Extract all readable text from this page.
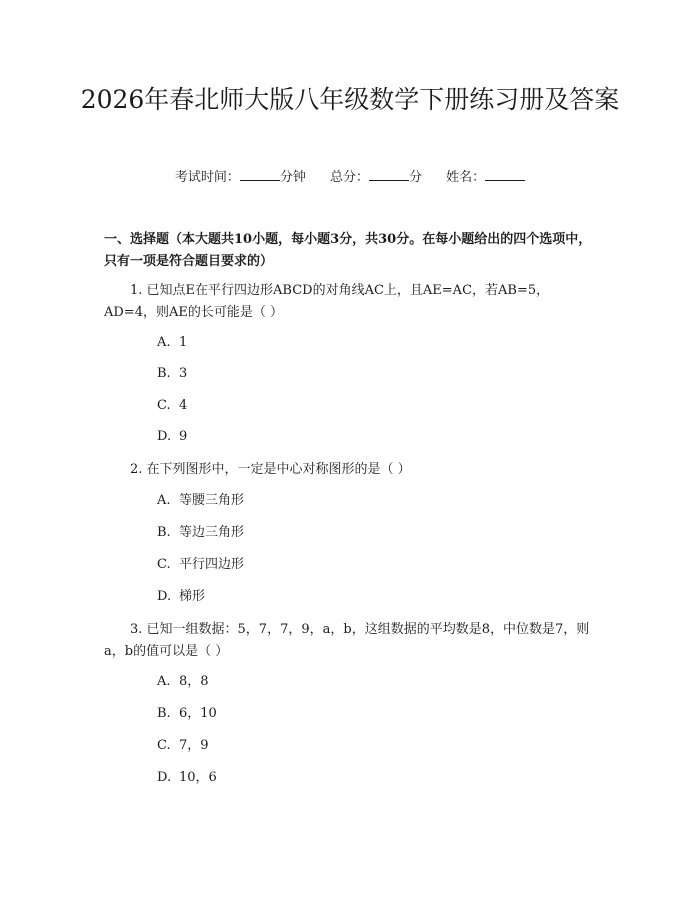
2026年春北师大版八年级数学下册练习册及答案
考试时间：	分钟 总分：	分 姓名：

一、选择题（本大题共10小题，每小题3分，共30分。在每小题给出的四个选项中，只有一项是符合题目要求的）

1. 已知点E在平行四边形ABCD的对角线AC上，且AE=AC，若AB=5，AD=4，则AE的长可能是（ ）

A. 1
B. 3
C. 4
D. 9

2. 在下列图形中，一定是中心对称图形的是（ ）

A. 等腰三角形
B. 等边三角形
C. 平行四边形
D. 梯形

3. 已知一组数据：5，7，7，9，a，b，这组数据的平均数是8，中位数是7，则a，b的值可以是（ ）

A. 8，8
B. 6，10
C. 7，9
D. 10，6
